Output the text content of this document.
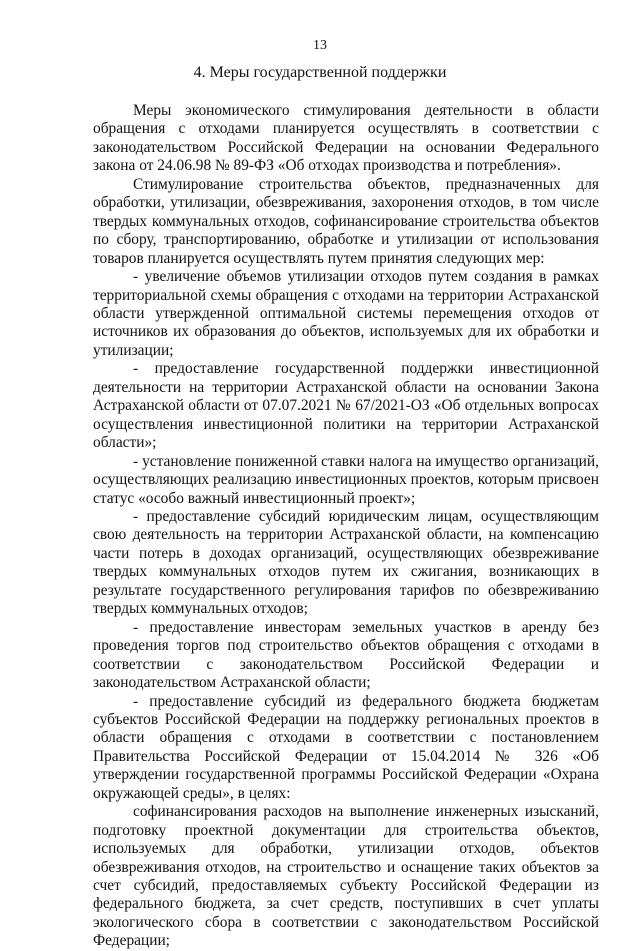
13
4. Меры государственной поддержки

Меры экономического стимулирования деятельности в области обращения с отходами планируется осуществлять в соответствии с законодательством Российской Федерации на основании Федерального закона от 24.06.98 № 89-ФЗ «Об отходах производства и потребления».

Стимулирование строительства объектов, предназначенных для обработки, утилизации, обезвреживания, захоронения отходов, в том числе твердых коммунальных отходов, софинансирование строительства объектов по сбору, транспортированию, обработке и утилизации от использования товаров планируется осуществлять путем принятия следующих мер:

- увеличение объемов утилизации отходов путем создания в рамках территориальной схемы обращения с отходами на территории Астраханской области утвержденной оптимальной системы перемещения отходов от источников их образования до объектов, используемых для их обработки и утилизации;

- предоставление государственной поддержки инвестиционной деятельности на территории Астраханской области на основании Закона Астраханской области от 07.07.2021 № 67/2021-ОЗ «Об отдельных вопросах осуществления инвестиционной политики на территории Астраханской области»;

- установление пониженной ставки налога на имущество организаций, осуществляющих реализацию инвестиционных проектов, которым присвоен статус «особо важный инвестиционный проект»;

- предоставление субсидий юридическим лицам, осуществляющим свою деятельность на территории Астраханской области, на компенсацию части потерь в доходах организаций, осуществляющих обезвреживание твердых коммунальных отходов путем их сжигания, возникающих в результате государственного регулирования тарифов по обезвреживанию твердых коммунальных отходов;

- предоставление инвесторам земельных участков в аренду без проведения торгов под строительство объектов обращения с отходами в соответствии с законодательством Российской Федерации и законодательством Астраханской области;

- предоставление субсидий из федерального бюджета бюджетам субъектов Российской Федерации на поддержку региональных проектов в области обращения с отходами в соответствии с постановлением Правительства Российской Федерации от 15.04.2014 № 326 «Об утверждении государственной программы Российской Федерации «Охрана окружающей среды», в целях:

софинансирования расходов на выполнение инженерных изысканий, подготовку проектной документации для строительства объектов, используемых для обработки, утилизации отходов, объектов обезвреживания отходов, на строительство и оснащение таких объектов за счет субсидий, предоставляемых субъекту Российской Федерации из федерального бюджета, за счет средств, поступивших в счет уплаты экологического сбора в соответствии с законодательством Российской Федерации;
